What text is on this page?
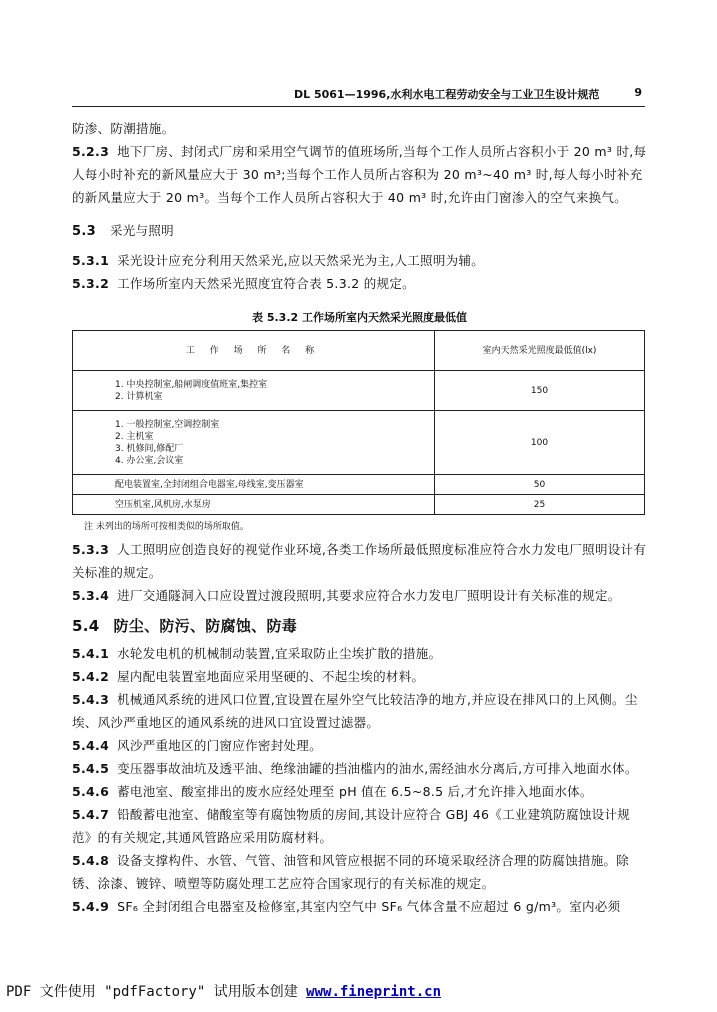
DL 5061—1996,水利水电工程劳动安全与工业卫生设计规范	9

防渗、防潮措施。

5.2.3 地下厂房、封闭式厂房和采用空气调节的值班场所,当每个工作人员所占容积小于 20 m³ 时,每人每小时补充的新风量应大于 30 m³;当每个工作人员所占容积为 20 m³~40 m³ 时,每人每小时补充的新风量应大于 20 m³。当每个工作人员所占容积大于 40 m³ 时,允许由门窗渗入的空气来换气。

5.3 采光与照明

5.3.1 采光设计应充分利用天然采光,应以天然采光为主,人工照明为辅。

5.3.2 工作场所室内天然采光照度宜符合表 5.3.2 的规定。

表 5.3.2 工作场所室内天然采光照度最低值
工 作 场 所 名 称	室内天然采光照度最低值(lx)

1. 中央控制室,船闸调度值班室,集控室
2. 计算机室	150

1. 一般控制室,空调控制室
2. 主机室
3. 机修间,修配厂
4. 办公室,会议室	100
配电装置室,全封闭组合电器室,母线室,变压器室	50
空压机室,风机房,水泵房	25
注 未列出的场所可按相类似的场所取值。

5.3.3 人工照明应创造良好的视觉作业环境,各类工作场所最低照度标准应符合水力发电厂照明设计有关标准的规定。

5.3.4 进厂交通隧洞入口应设置过渡段照明,其要求应符合水力发电厂照明设计有关标准的规定。

5.4 防尘、防污、防腐蚀、防毒

5.4.1 水轮发电机的机械制动装置,宜采取防止尘埃扩散的措施。

5.4.2 屋内配电装置室地面应采用坚硬的、不起尘埃的材料。

5.4.3 机械通风系统的进风口位置,宜设置在屋外空气比较洁净的地方,并应设在排风口的上风侧。尘埃、风沙严重地区的通风系统的进风口宜设置过滤器。

5.4.4 风沙严重地区的门窗应作密封处理。

5.4.5 变压器事故油坑及透平油、绝缘油罐的挡油槛内的油水,需经油水分离后,方可排入地面水体。

5.4.6 蓄电池室、酸室排出的废水应经处理至 pH 值在 6.5~8.5 后,才允许排入地面水体。

5.4.7 铅酸蓄电池室、储酸室等有腐蚀物质的房间,其设计应符合 GBJ 46《工业建筑防腐蚀设计规范》的有关规定,其通风管路应采用防腐材料。

5.4.8 设备支撑构件、水管、气管、油管和风管应根据不同的环境采取经济合理的防腐蚀措施。除锈、涂漆、镀锌、喷塑等防腐处理工艺应符合国家现行的有关标准的规定。

5.4.9 SF₆ 全封闭组合电器室及检修室,其室内空气中 SF₆ 气体含量不应超过 6 g/m³。室内必须

PDF 文件使用 "pdfFactory" 试用版本创建 www.fineprint.cn
